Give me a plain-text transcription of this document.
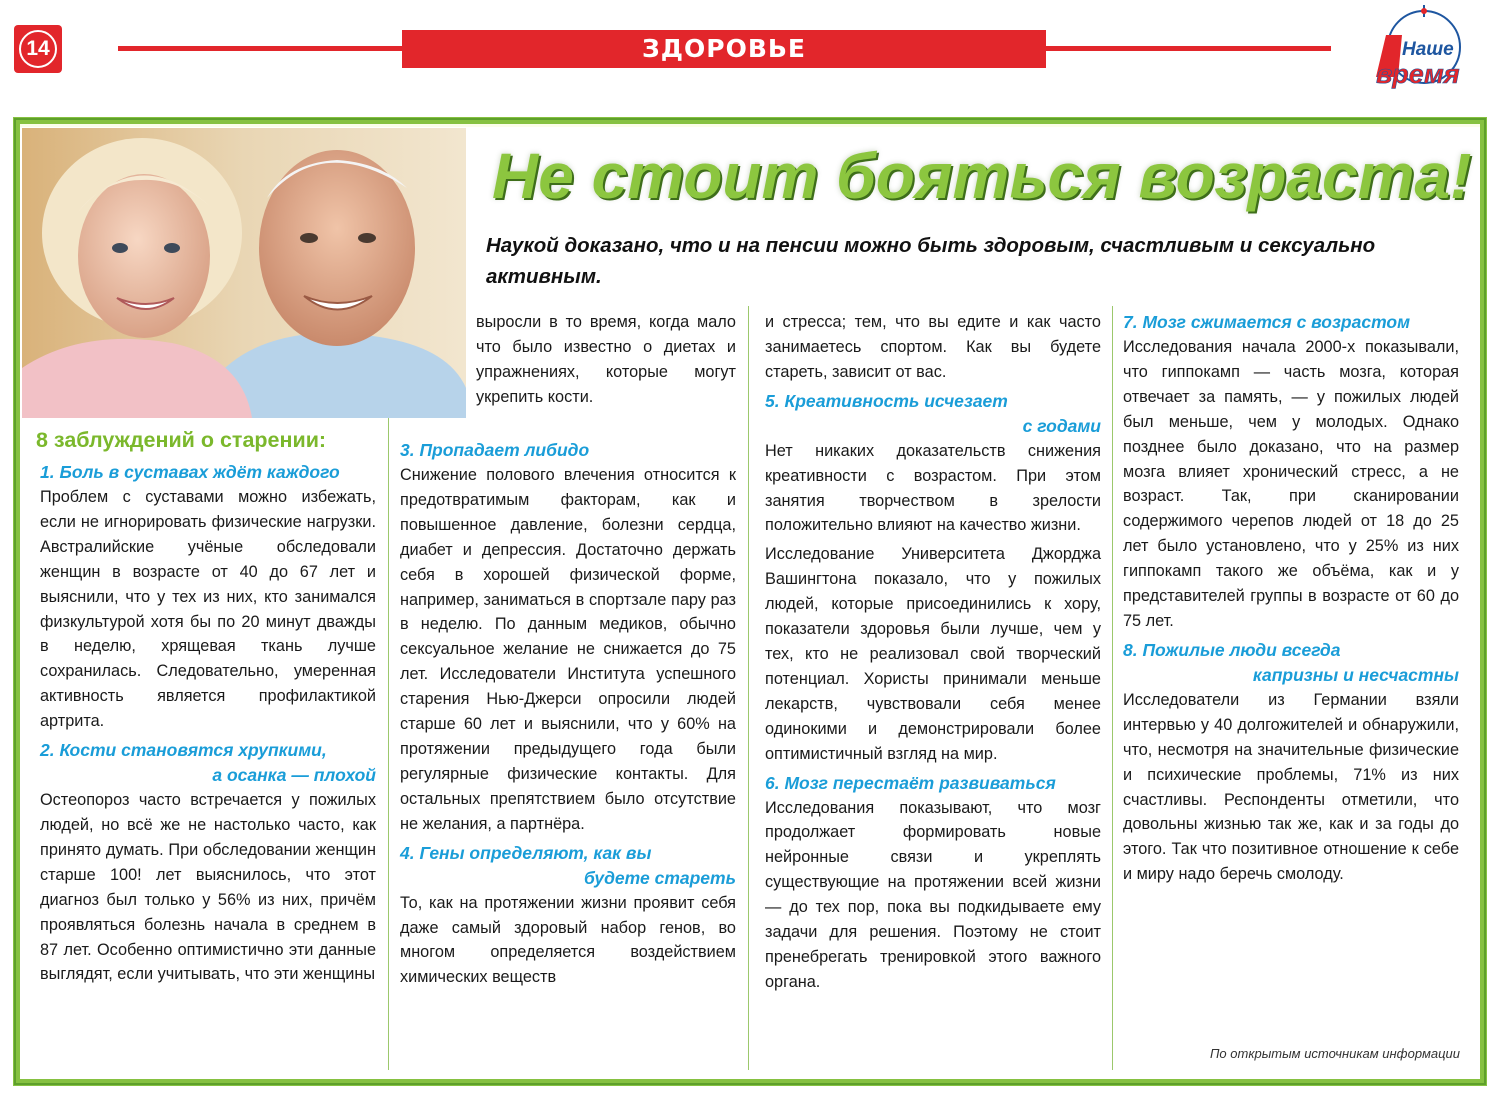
14	ЗДОРОВЬЕ	Наше
время
Не стоит бояться возраста!
Наукой доказано, что и на пенсии можно быть здоровым, счастливым и сексуально активным.
8 заблуждений о старении:
1. Боль в суставах ждёт каждого

Проблем с суставами можно избежать, если не игнорировать физические нагрузки. Австралийские учёные обследовали женщин в возрасте от 40 до 67 лет и выяснили, что у тех из них, кто занимался физкультурой хотя бы по 20 минут дважды в неделю, хрящевая ткань лучше сохранилась. Следовательно, умеренная активность является профилактикой артрита.

2. Кости становятся хрупкими,
а осанка — плохой

Остеопороз часто встречается у пожилых людей, но всё же не настолько часто, как принято думать. При обследовании женщин старше 100! лет выяснилось, что этот диагноз был только у 56% из них, причём проявляться болезнь начала в среднем в 87 лет. Особенно оптимистично эти данные выглядят, если учитывать, что эти женщины

выросли в то время, когда мало что было известно о диетах и упражнениях, которые могут укрепить кости.

3. Пропадает либидо

Снижение полового влечения относится к предотвратимым факторам, как и повышенное давление, болезни сердца, диабет и депрессия. Достаточно держать себя в хорошей физической форме, например, заниматься в спортзале пару раз в неделю. По данным медиков, обычно сексуальное желание не снижается до 75 лет. Исследователи Института успешного старения Нью-Джерси опросили людей старше 60 лет и выяснили, что у 60% на протяжении предыдущего года были регулярные физические контакты. Для остальных препятствием было отсутствие не желания, а партнёра.

4. Гены определяют, как вы
будете стареть

То, как на протяжении жизни проявит себя даже самый здоровый набор генов, во многом определяется воздействием химических веществ

и стресса; тем, что вы едите и как часто занимаетесь спортом. Как вы будете стареть, зависит от вас.

5. Креативность исчезает
с годами

Нет никаких доказательств снижения креативности с возрастом. При этом занятия творчеством в зрелости положительно влияют на качество жизни.

Исследование Университета Джорджа Вашингтона показало, что у пожилых людей, которые присоединились к хору, показатели здоровья были лучше, чем у тех, кто не реализовал свой творческий потенциал. Хористы принимали меньше лекарств, чувствовали себя менее одинокими и демонстрировали более оптимистичный взгляд на мир.

6. Мозг перестаёт развиваться

Исследования показывают, что мозг продолжает формировать новые нейронные связи и укреплять существующие на протяжении всей жизни — до тех пор, пока вы подкидываете ему задачи для решения. Поэтому не стоит пренебрегать тренировкой этого важного органа.

7. Мозг сжимается с возрастом

Исследования начала 2000-х показывали, что гиппокамп — часть мозга, которая отвечает за память, — у пожилых людей был меньше, чем у молодых. Однако позднее было доказано, что на размер мозга влияет хронический стресс, а не возраст. Так, при сканировании содержимого черепов людей от 18 до 25 лет было установлено, что у 25% из них гиппокамп такого же объёма, как и у представителей группы в возрасте от 60 до 75 лет.

8. Пожилые люди всегда
капризны и несчастны

Исследователи из Германии взяли интервью у 40 долгожителей и обнаружили, что, несмотря на значительные физические и психические проблемы, 71% из них счастливы. Респонденты отметили, что довольны жизнью так же, как и за годы до этого. Так что позитивное отношение к себе и миру надо беречь смолоду.

По открытым источникам информации
